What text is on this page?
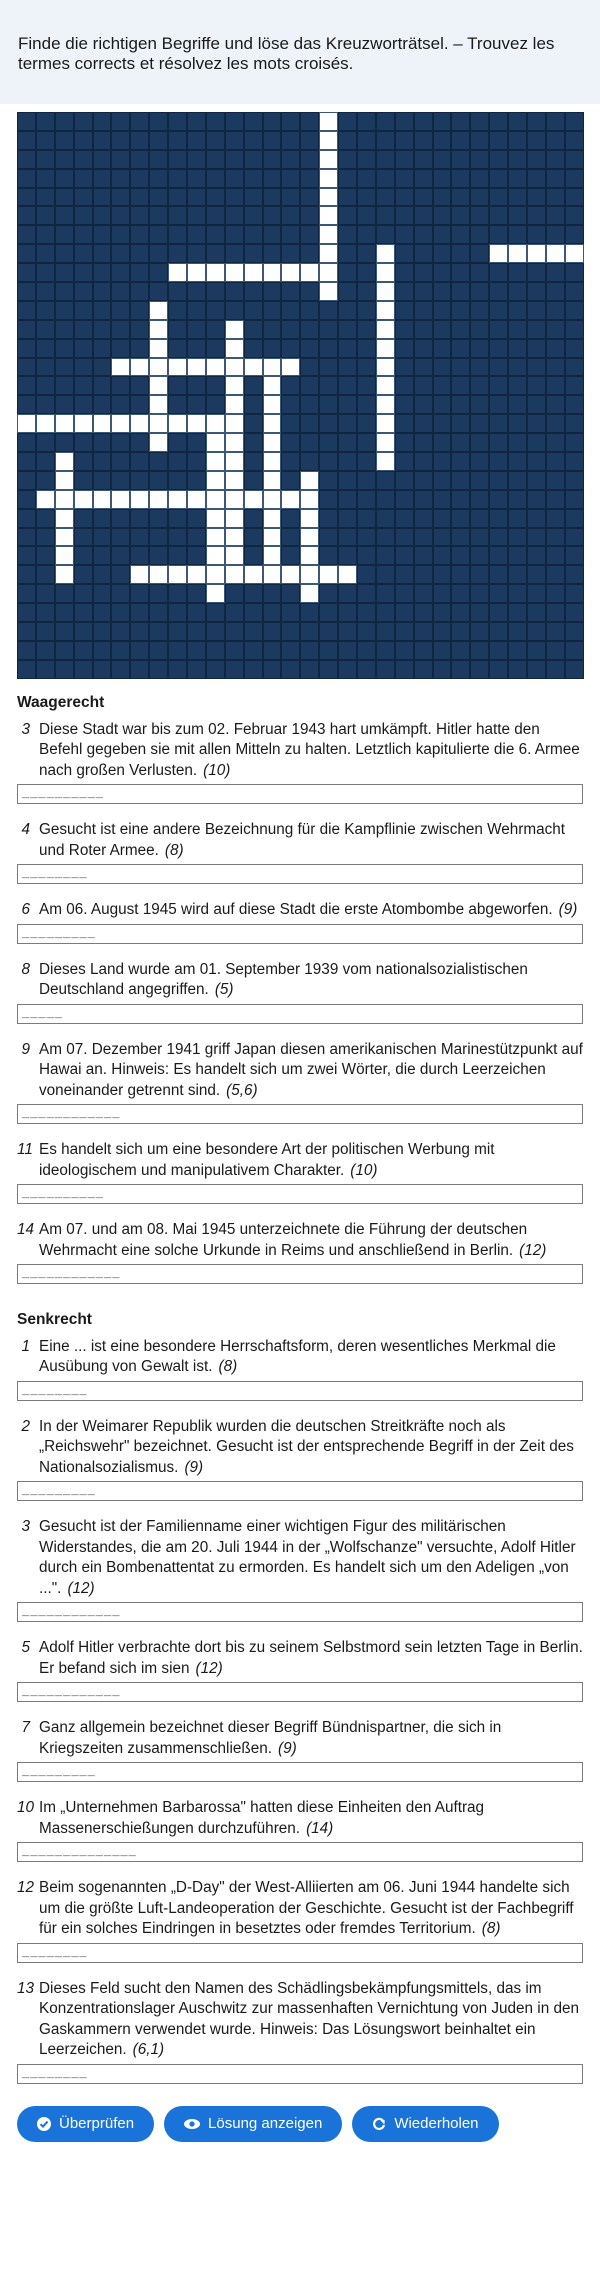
Finde die richtigen Begriffe und löse das Kreuzworträtsel. – Trouvez les termes corrects et résolvez les mots croisés.
Waagerecht
3 Diese Stadt war bis zum 02. Februar 1943 hart umkämpft. Hitler hatte den Befehl gegeben sie mit allen Mitteln zu halten. Letztlich kapitulierte die 6. Armee nach großen Verlusten. (10)
__________
4 Gesucht ist eine andere Bezeichnung für die Kampflinie zwischen Wehrmacht und Roter Armee. (8)
________
6 Am 06. August 1945 wird auf diese Stadt die erste Atombombe abgeworfen. (9)
_________
8 Dieses Land wurde am 01. September 1939 vom nationalsozialistischen Deutschland angegriffen. (5)
_____
9 Am 07. Dezember 1941 griff Japan diesen amerikanischen Marinestützpunkt auf Hawai an. Hinweis: Es handelt sich um zwei Wörter, die durch Leerzeichen voneinander getrennt sind. (5,6)
____________
11 Es handelt sich um eine besondere Art der politischen Werbung mit ideologischem und manipulativem Charakter. (10)
__________
14 Am 07. und am 08. Mai 1945 unterzeichnete die Führung der deutschen Wehrmacht eine solche Urkunde in Reims und anschließend in Berlin. (12)
____________
Senkrecht
1 Eine ... ist eine besondere Herrschaftsform, deren wesentliches Merkmal die Ausübung von Gewalt ist. (8)
________
2 In der Weimarer Republik wurden die deutschen Streitkräfte noch als „Reichswehr" bezeichnet. Gesucht ist der entsprechende Begriff in der Zeit des Nationalsozialismus. (9)
_________
3 Gesucht ist der Familienname einer wichtigen Figur des militärischen Widerstandes, die am 20. Juli 1944 in der „Wolfschanze" versuchte, Adolf Hitler durch ein Bombenattentat zu ermorden. Es handelt sich um den Adeligen „von ...". (12)
____________
5 Adolf Hitler verbrachte dort bis zu seinem Selbstmord sein letzten Tage in Berlin. Er befand sich im sien (12)
____________
7 Ganz allgemein bezeichnet dieser Begriff Bündnispartner, die sich in Kriegszeiten zusammenschließen. (9)
_________
10 Im „Unternehmen Barbarossa" hatten diese Einheiten den Auftrag Massenerschießungen durchzuführen. (14)
______________
12 Beim sogenannten „D-Day" der West-Alliierten am 06. Juni 1944 handelte sich um die größte Luft-Landeoperation der Geschichte. Gesucht ist der Fachbegriff für ein solches Eindringen in besetztes oder fremdes Territorium. (8)
________
13 Dieses Feld sucht den Namen des Schädlingsbekämpfungsmittels, das im Konzentrationslager Auschwitz zur massenhaften Vernichtung von Juden in den Gaskammern verwendet wurde. Hinweis: Das Lösungswort beinhaltet ein Leerzeichen. (6,1)
________
Überprüfen	Lösung anzeigen	Wiederholen
